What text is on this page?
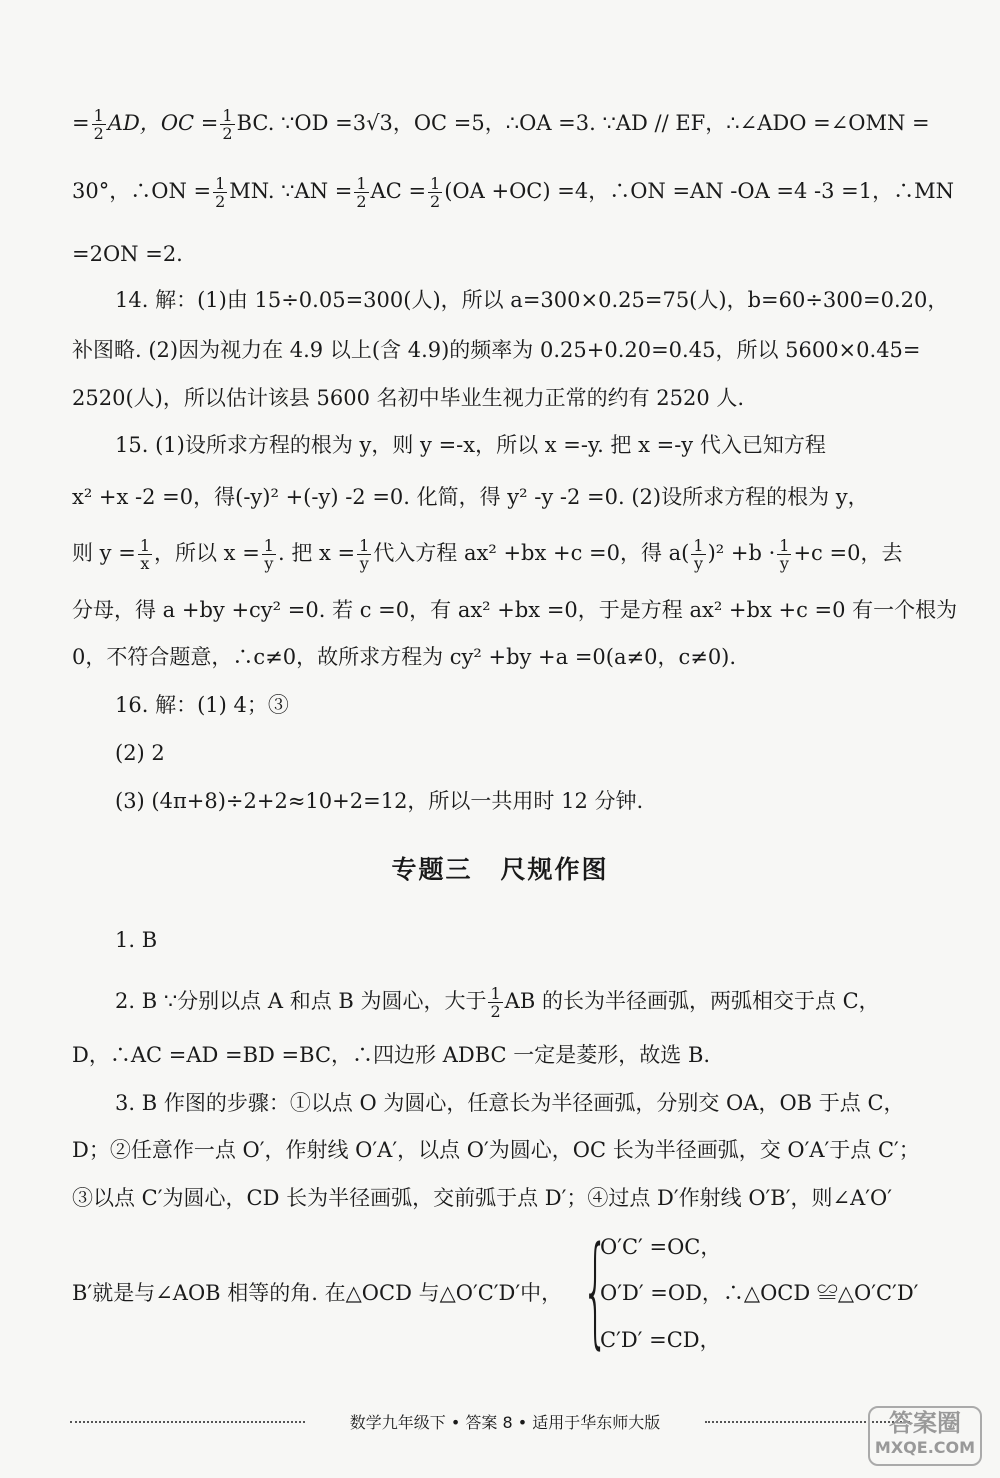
= $\frac{1}{2}$ AD，OC = $\frac{1}{2}$ BC. ∵OD =3√3，OC =5，∴OA =3. ∵AD // EF，∴∠ADO =∠OMN =
30°，∴ON = $\frac{1}{2}$ MN. ∵AN = $\frac{1}{2}$ AC = $\frac{1}{2} (OA +OC) =4$，∴ON =AN -OA =4 -3 =1，∴MN
=2ON =2.
14. 解：(1)由 15÷0.05=300(人)，所以 a=300×0.25=75(人)，b=60÷300=0.20，
补图略. (2)因为视力在 4.9 以上(含 4.9)的频率为 0.25+0.20=0.45，所以 5600×0.45=
2520(人)，所以估计该县 5600 名初中毕业生视力正常的约有 2520 人.
15. (1)设所求方程的根为 y，则 y =-x，所以 x =-y. 把 x =-y 代入已知方程
x² +x -2 =0，得(-y)² +(-y) -2 =0. 化简，得 y² -y -2 =0. (2)设所求方程的根为 y，
则 $y = \frac{1}{x}$ ，所以 $x = \frac{1}{y}$ . 把 $x = \frac{1}{y}$ 代入方程 ax² +bx +c =0，得 $a( \frac{1}{y} )^2 +b \cdot \frac{1}{y} +c =0$，去
分母，得 a +by +cy² =0. 若 c =0，有 ax² +bx =0，于是方程 ax² +bx +c =0 有一个根为
0，不符合题意，∴c≠0，故所求方程为 cy² +by +a =0(a≠0，c≠0).
16. 解：(1) 4；③
(2) 2
(3) (4π+8)÷2+2≈10+2=12，所以一共用时 12 分钟.
专题三 尺规作图
1. B
2. B ∵分别以点 A 和点 B 为圆心，大于 $\frac{1}{2}$ AB 的长为半径画弧，两弧相交于点 C，
D，∴AC =AD =BD =BC，∴四边形 ADBC 一定是菱形，故选 B.
3. B 作图的步骤：①以点 O 为圆心，任意长为半径画弧，分别交 OA，OB 于点 C，
D；②任意作一点 O′，作射线 O′A′，以点 O′为圆心，OC 长为半径画弧，交 O′A′于点 C′；
③以点 C′为圆心，CD 长为半径画弧，交前弧于点 D′；④过点 D′作射线 O′B′，则∠A′O′
B′就是与∠AOB 相等的角. 在△OCD 与△O′C′D′中， {
O′C′ =OC，
O′D′ =OD，∴△OCD ≌△O′C′D′
C′D′ =CD，
数学九年级下 • 答案 8 • 适用于华东师大版	答案圈
MXQE.COM
